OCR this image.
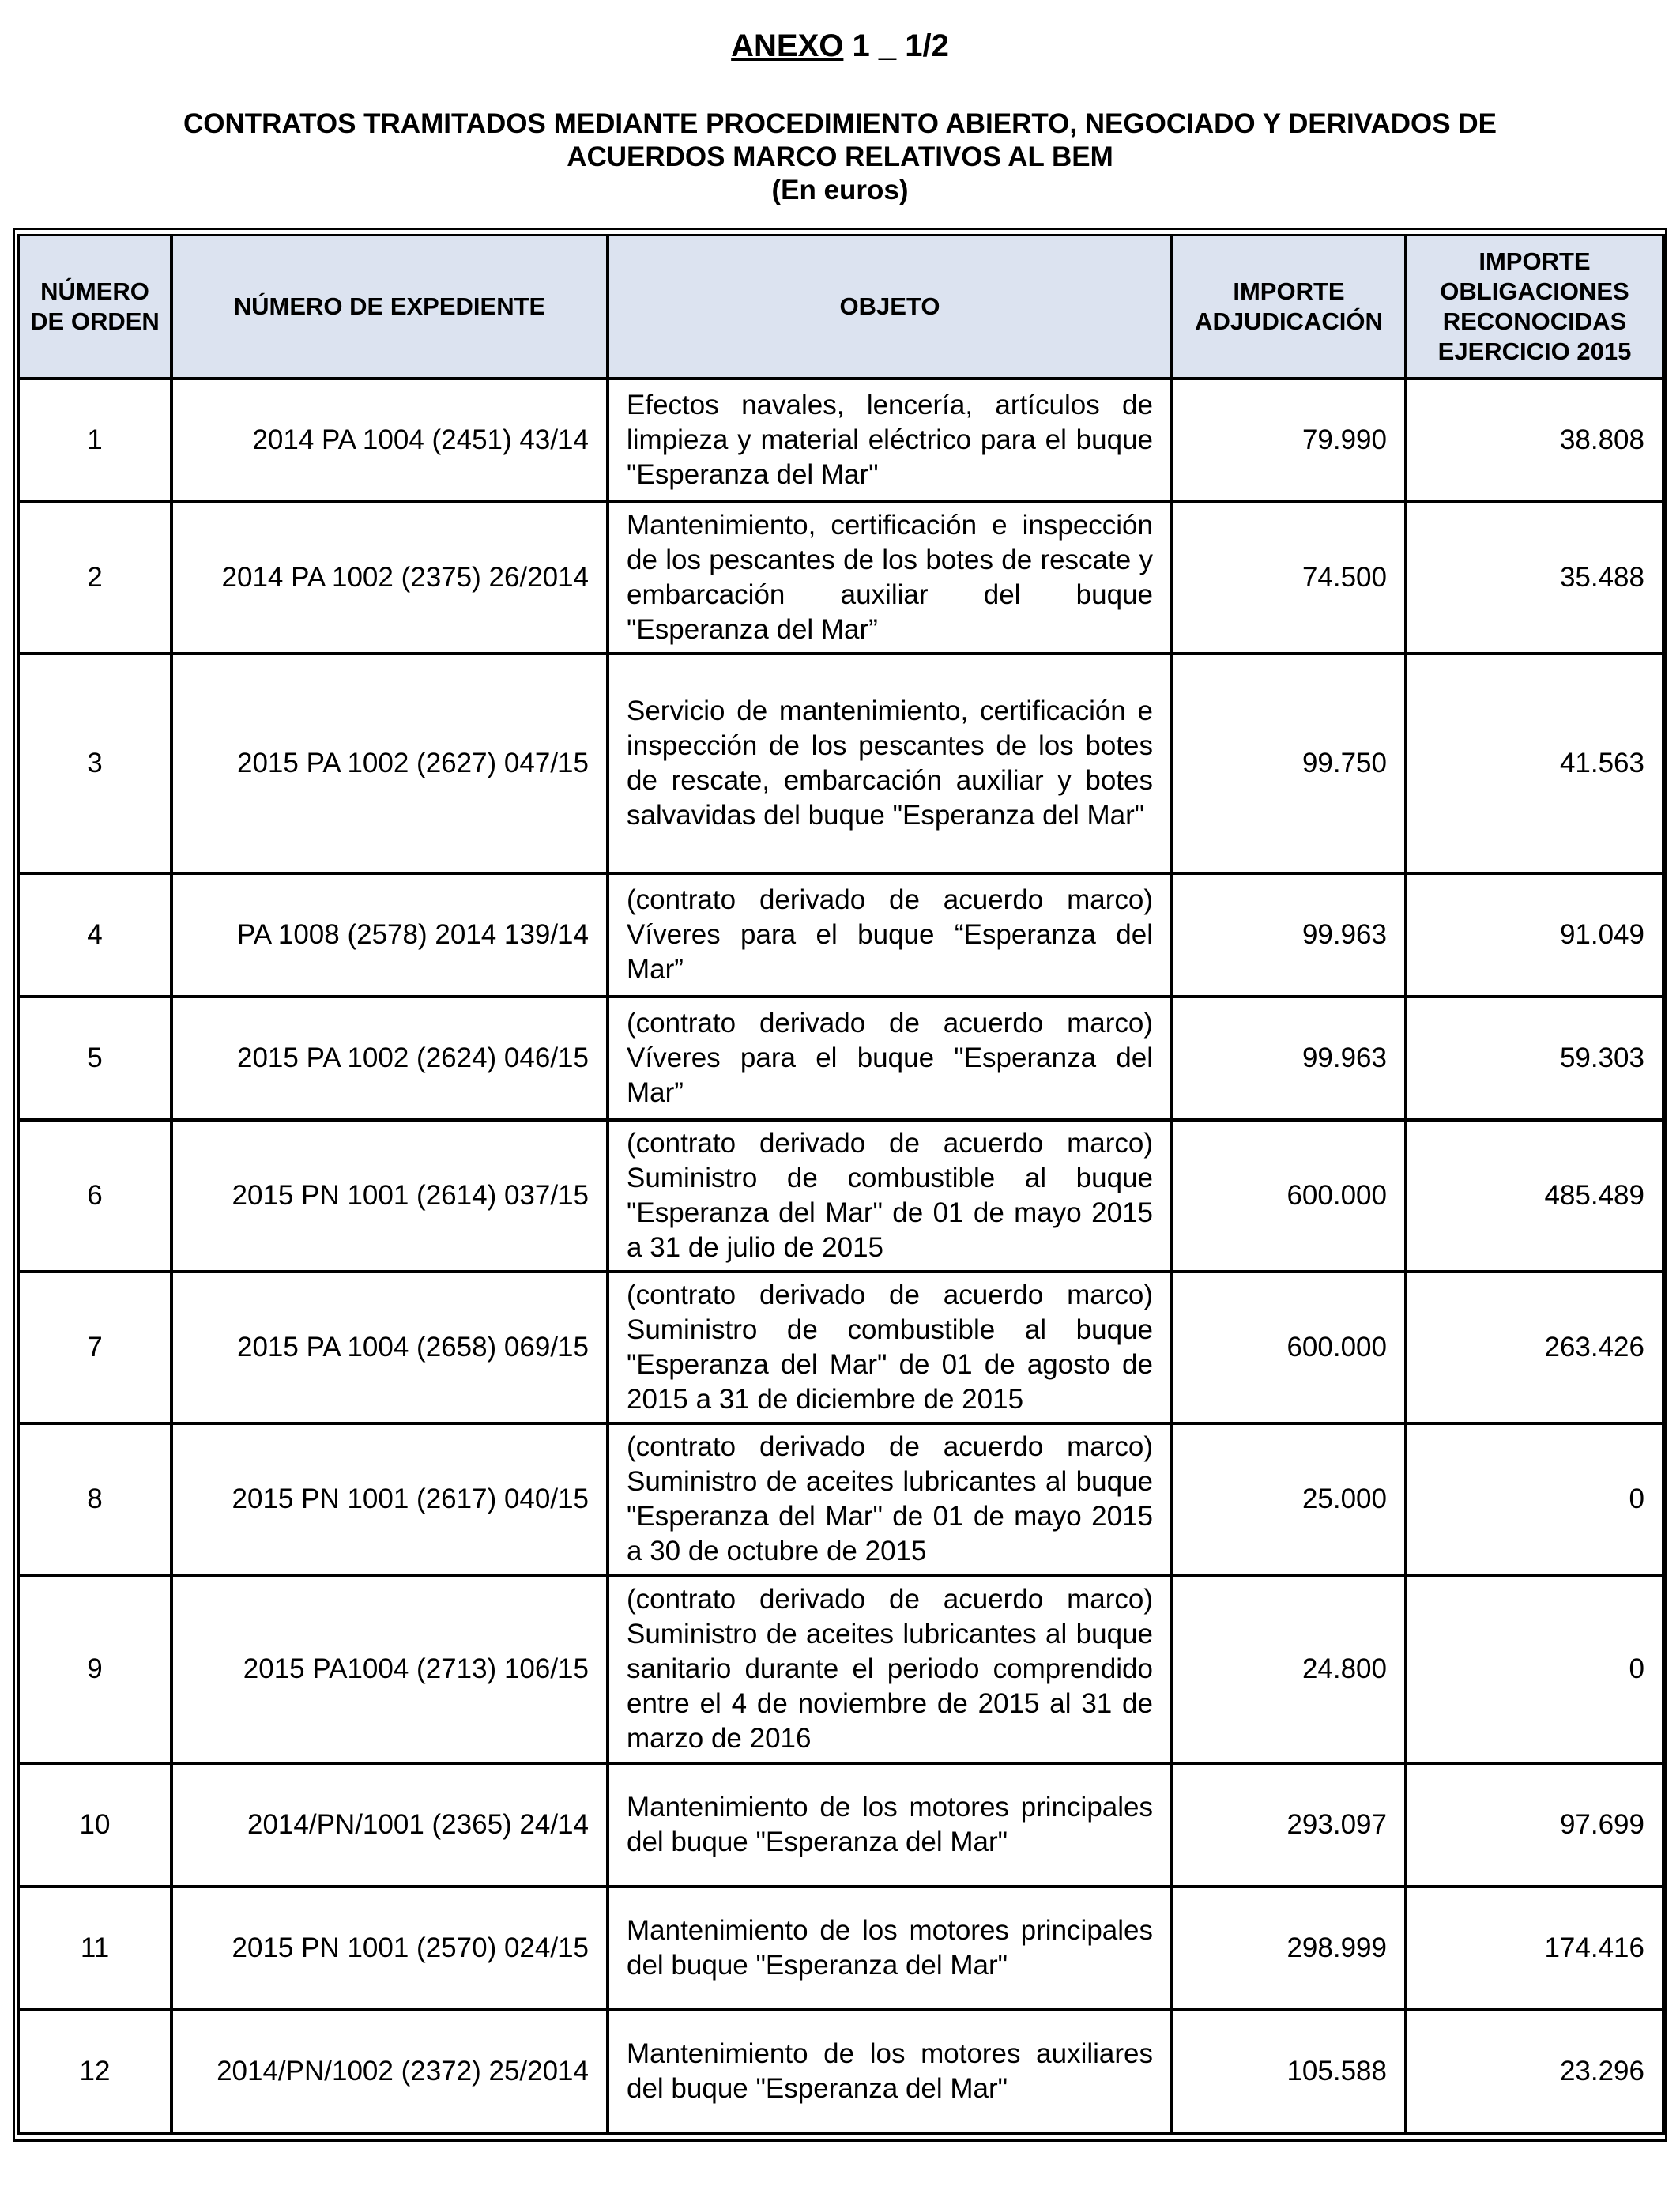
ANEXO 1 _ 1/2
CONTRATOS TRAMITADOS MEDIANTE PROCEDIMIENTO ABIERTO, NEGOCIADO Y DERIVADOS DE
ACUERDOS MARCO RELATIVOS AL BEM
(En euros)
NÚMERO DE ORDEN	NÚMERO DE EXPEDIENTE	OBJETO	IMPORTE ADJUDICACIÓN	IMPORTE OBLIGACIONES RECONOCIDAS EJERCICIO 2015
1	2014 PA 1004 (2451) 43/14	Efectos navales, lencería, artículos de limpieza y material eléctrico para el buque "Esperanza del Mar"	79.990	38.808
2	2014 PA 1002 (2375) 26/2014	Mantenimiento, certificación e inspección de los pescantes de los botes de rescate y embarcación auxiliar del buque "Esperanza del Mar”	74.500	35.488
3	2015 PA 1002 (2627) 047/15	Servicio de mantenimiento, certificación e inspección de los pescantes de los botes de rescate, embarcación auxiliar y botes salvavidas del buque "Esperanza del Mar"	99.750	41.563
4	PA 1008 (2578) 2014 139/14	(contrato derivado de acuerdo marco) Víveres para el buque “Esperanza del Mar”	99.963	91.049
5	2015 PA 1002 (2624) 046/15	(contrato derivado de acuerdo marco) Víveres para el buque "Esperanza del Mar”	99.963	59.303
6	2015 PN 1001 (2614) 037/15	(contrato derivado de acuerdo marco) Suministro de combustible al buque "Esperanza del Mar" de 01 de mayo 2015 a 31 de julio de 2015	600.000	485.489
7	2015 PA 1004 (2658) 069/15	(contrato derivado de acuerdo marco) Suministro de combustible al buque "Esperanza del Mar" de 01 de agosto de 2015 a 31 de diciembre de 2015	600.000	263.426
8	2015 PN 1001 (2617) 040/15	(contrato derivado de acuerdo marco) Suministro de aceites lubricantes al buque "Esperanza del Mar" de 01 de mayo 2015 a 30 de octubre de 2015	25.000	0
9	2015 PA1004 (2713) 106/15	(contrato derivado de acuerdo marco) Suministro de aceites lubricantes al buque sanitario durante el periodo comprendido entre el 4 de noviembre de 2015 al 31 de marzo de 2016	24.800	0
10	2014/PN/1001 (2365) 24/14	Mantenimiento de los motores principales del buque "Esperanza del Mar"	293.097	97.699
11	2015 PN 1001 (2570) 024/15	Mantenimiento de los motores principales del buque "Esperanza del Mar"	298.999	174.416
12	2014/PN/1002 (2372) 25/2014	Mantenimiento de los motores auxiliares del buque "Esperanza del Mar"	105.588	23.296
